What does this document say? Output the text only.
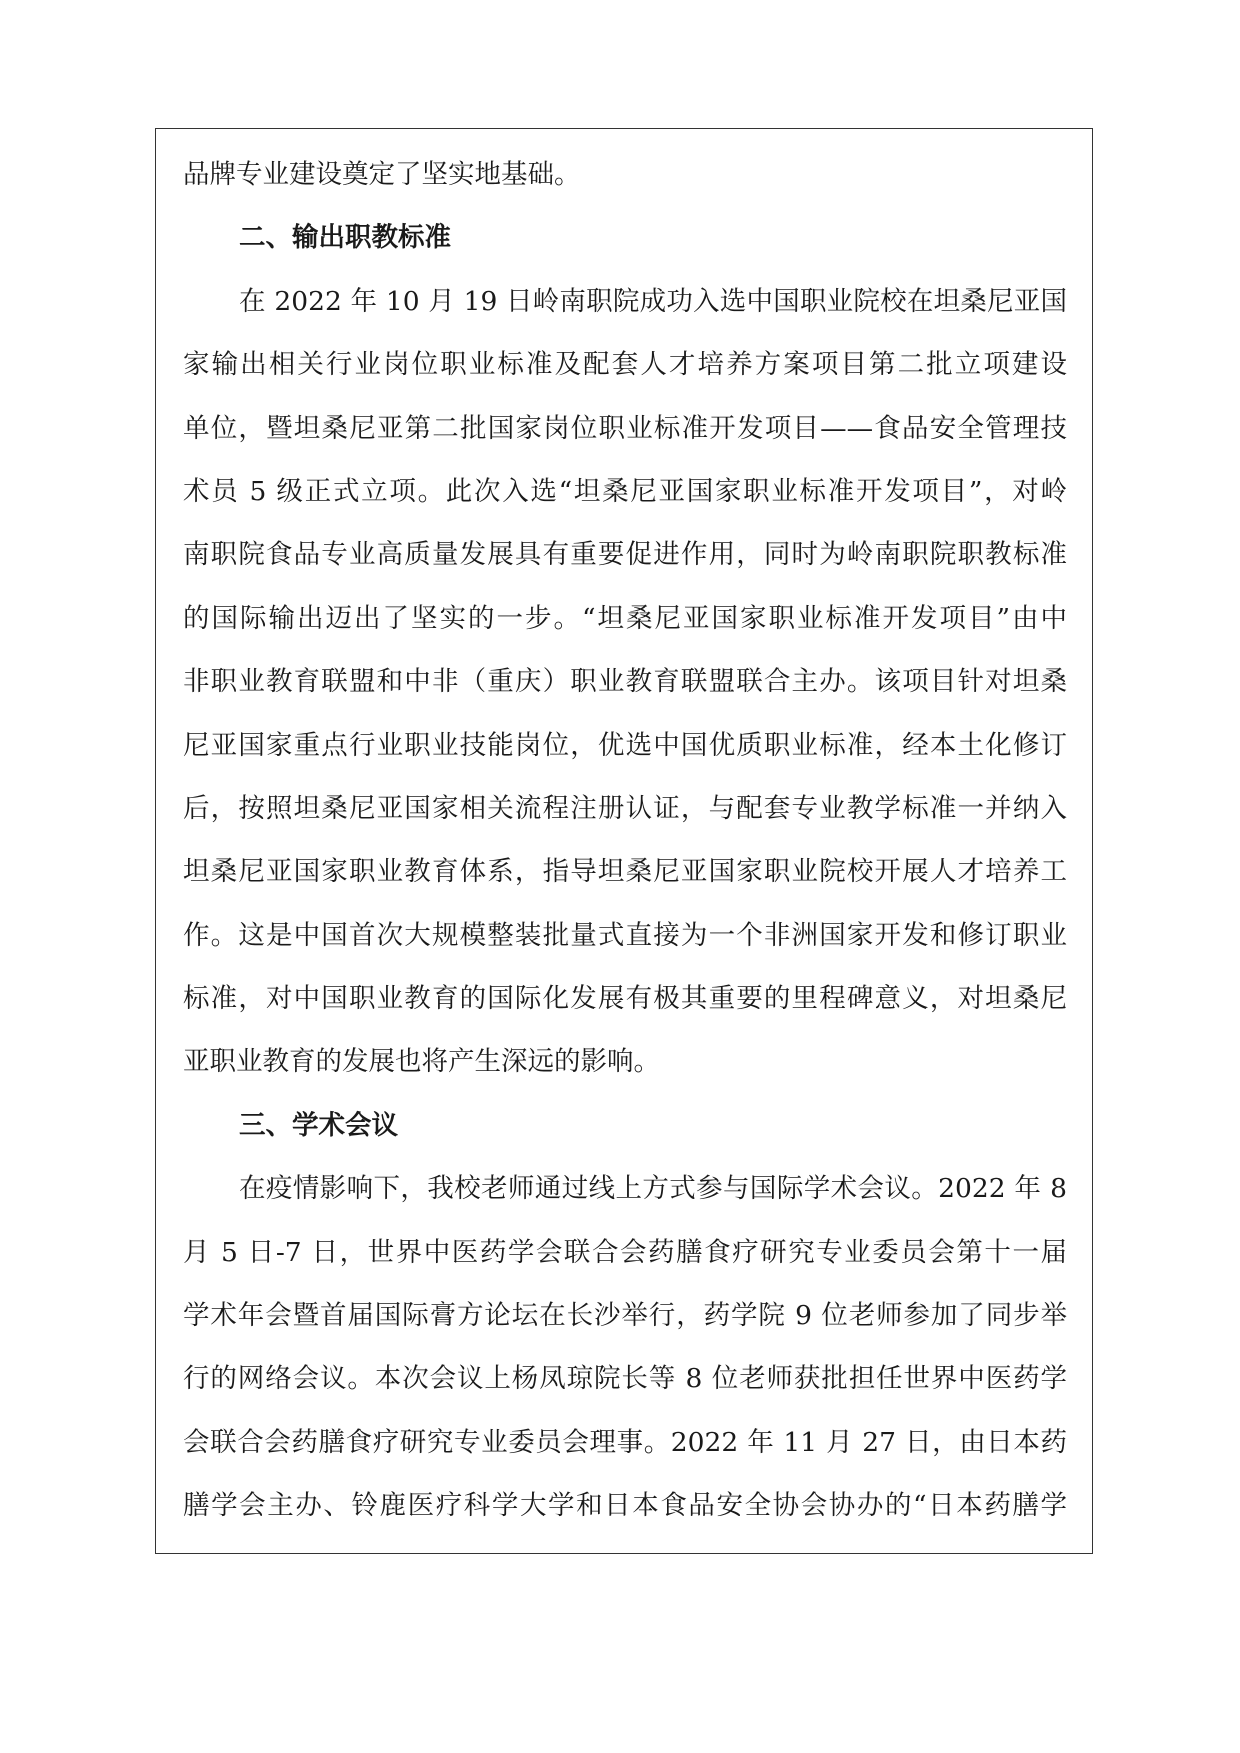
品牌专业建设奠定了坚实地基础。
二、输出职教标准
在 2022 年 10 月 19 日岭南职院成功入选中国职业院校在坦桑尼亚国
家输出相关行业岗位职业标准及配套人才培养方案项目第二批立项建设
单位，暨坦桑尼亚第二批国家岗位职业标准开发项目——食品安全管理技
术员 5 级正式立项。此次入选“坦桑尼亚国家职业标准开发项目”，对岭
南职院食品专业高质量发展具有重要促进作用，同时为岭南职院职教标准
的国际输出迈出了坚实的一步。“坦桑尼亚国家职业标准开发项目”由中
非职业教育联盟和中非（重庆）职业教育联盟联合主办。该项目针对坦桑
尼亚国家重点行业职业技能岗位，优选中国优质职业标准，经本土化修订
后，按照坦桑尼亚国家相关流程注册认证，与配套专业教学标准一并纳入
坦桑尼亚国家职业教育体系，指导坦桑尼亚国家职业院校开展人才培养工
作。这是中国首次大规模整装批量式直接为一个非洲国家开发和修订职业
标准，对中国职业教育的国际化发展有极其重要的里程碑意义，对坦桑尼
亚职业教育的发展也将产生深远的影响。
三、学术会议
在疫情影响下，我校老师通过线上方式参与国际学术会议。2022 年 8
月 5 日-7 日，世界中医药学会联合会药膳食疗研究专业委员会第十一届
学术年会暨首届国际膏方论坛在长沙举行，药学院 9 位老师参加了同步举
行的网络会议。本次会议上杨凤琼院长等 8 位老师获批担任世界中医药学
会联合会药膳食疗研究专业委员会理事。2022 年 11 月 27 日，由日本药
膳学会主办、铃鹿医疗科学大学和日本食品安全协会协办的“日本药膳学
